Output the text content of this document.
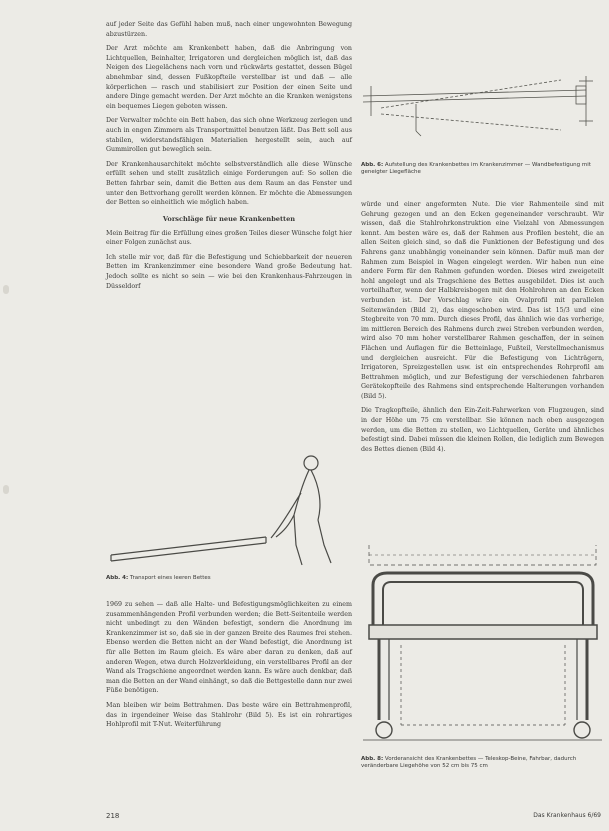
auf jeder Seite das Gefühl haben muß, nach einer ungewohnten Bewegung abzustürzen.

Der Arzt möchte am Krankenbett haben, daß die Anbringung von Lichtquellen, Beinhalter, Irrigatoren und dergleichen möglich ist, daß das Neigen des Liegelächens nach vorn und rückwärts gestattet, dessen Bügel abnehmbar sind, dessen Fußkopfteile verstellbar ist und daß — alle körperlichen — rasch und stabilisiert zur Position der einen Seite und andere Dinge gemacht werden. Der Arzt möchte an die Kranken wenigstens ein bequemes Liegen geboten wissen.

Der Verwalter möchte ein Bett haben, das sich ohne Werkzeug zerlegen und auch in engen Zimmern als Transportmittel benutzen läßt. Das Bett soll aus stabilen, widerstandsfähigen Materialien hergestellt sein, auch auf Gummirollen gut beweglich sein.

Der Krankenhausarchitekt möchte selbstverständlich alle diese Wünsche erfüllt sehen und stellt zusätzlich einige Forderungen auf: So sollen die Betten fahrbar sein, damit die Betten aus dem Raum an das Fenster und unter den Bettvorhang gerollt werden können. Er möchte die Abmessungen der Betten so einheitlich wie möglich haben.

Vorschläge für neue Krankenbetten

Mein Beitrag für die Erfüllung eines großen Teiles dieser Wünsche folgt hier einer Folgen zunächst aus.

Ich stelle mir vor, daß für die Befestigung und Schiebbarkeit der neueren Betten im Krankenzimmer eine besondere Wand große Bedeutung hat. Jedoch sollte es nicht so sein — wie bei den Krankenhaus-Fahrzeugen in Düsseldorf

Abb. 4: Transport eines leeren Bettes

1969 zu sehen — daß alle Halte- und Befestigungsmöglichkeiten zu einem zusammenhängenden Profil verbunden werden; die Bett-Seitenteile werden nicht unbedingt zu den Wänden befestigt, sondern die Anordnung im Krankenzimmer ist so, daß sie in der ganzen Breite des Raumes frei stehen. Ebenso werden die Betten nicht an der Wand befestigt, die Anordnung ist für alle Betten im Raum gleich. Es wäre aber daran zu denken, daß auf anderen Wegen, etwa durch Holzverkleidung, ein verstellbares Profil an der Wand als Tragschiene angeordnet werden kann. Es wäre auch denkbar, daß man die Betten an der Wand einhängt, so daß die Bettgestelle dann nur zwei Füße benötigen.

Man bleiben wir beim Bettrahmen. Das beste wäre ein Bettrahmenprofil, das in irgendeiner Weise das Stahlrohr (Bild 5). Es ist ein rohrartiges Hohlprofil mit T-Nut. Weiterführung

Abb. 6: Aufstellung des Krankenbettes im Krankenzimmer — Wandbefestigung mit geneigter Liegefläche

würde und einer angeformten Nute. Die vier Rahmenteile sind mit Gehrung gezogen und an den Ecken gegeneinander verschraubt. Wir wissen, daß die Stahlrohrkonstruktion eine Vielzahl von Abmessungen kennt. Am besten wäre es, daß der Rahmen aus Profilen besteht, die an allen Seiten gleich sind, so daß die Funktionen der Befestigung und des Fahrens ganz unabhängig voneinander sein können. Dafür muß man der Rahmen zum Beispiel in Wagen eingelegt werden. Wir haben nun eine andere Form für den Rahmen gefunden worden. Dieses wird zweigeteilt hohl angelegt und als Tragschiene des Bettes ausgebildet. Dies ist auch vorteilhafter, wenn der Halbkreisbogen mit den Hohlrohren an den Ecken verbunden ist. Der Vorschlag wäre ein Ovalprofil mit parallelen Seitenwänden (Bild 2), das eingeschoben wird. Das ist 15/3 und eine Stegbreite von 70 mm. Durch dieses Profil, das ähnlich wie das vorherige, im mittleren Bereich des Rahmens durch zwei Streben verbunden werden, wird also 70 mm hoher verstellbarer Rahmen geschaffen, der in seinen Flächen und Auflagen für die Betteinlage, Fußteil, Verstellmechanismus und dergleichen ausreicht. Für die Befestigung von Lichträgern, Irrigatoren, Spreizgestellen usw. ist ein entsprechendes Rohrprofil am Bettrahmen möglich, und zur Befestigung der verschiedenen fahrbaren Gerätekopfteile des Rahmens sind entsprechende Halterungen vorhanden (Bild 5).

Die Tragkopfteile, ähnlich den Ein-Zeit-Fahrwerken von Flugzeugen, sind in der Höhe um 75 cm verstellbar. Sie können nach oben ausgezogen werden, um die Betten zu stellen, wo Lichtquellen, Geräte und ähnliches befestigt sind. Dabei müssen die kleinen Rollen, die lediglich zum Bewegen des Bettes dienen (Bild 4).

Abb. 8: Vorderansicht des Krankenbettes — Teleskop-Beine, Fahrbar, dadurch veränderbare Liegehöhe von 52 cm bis 75 cm
218	Das Krankenhaus 6/69
